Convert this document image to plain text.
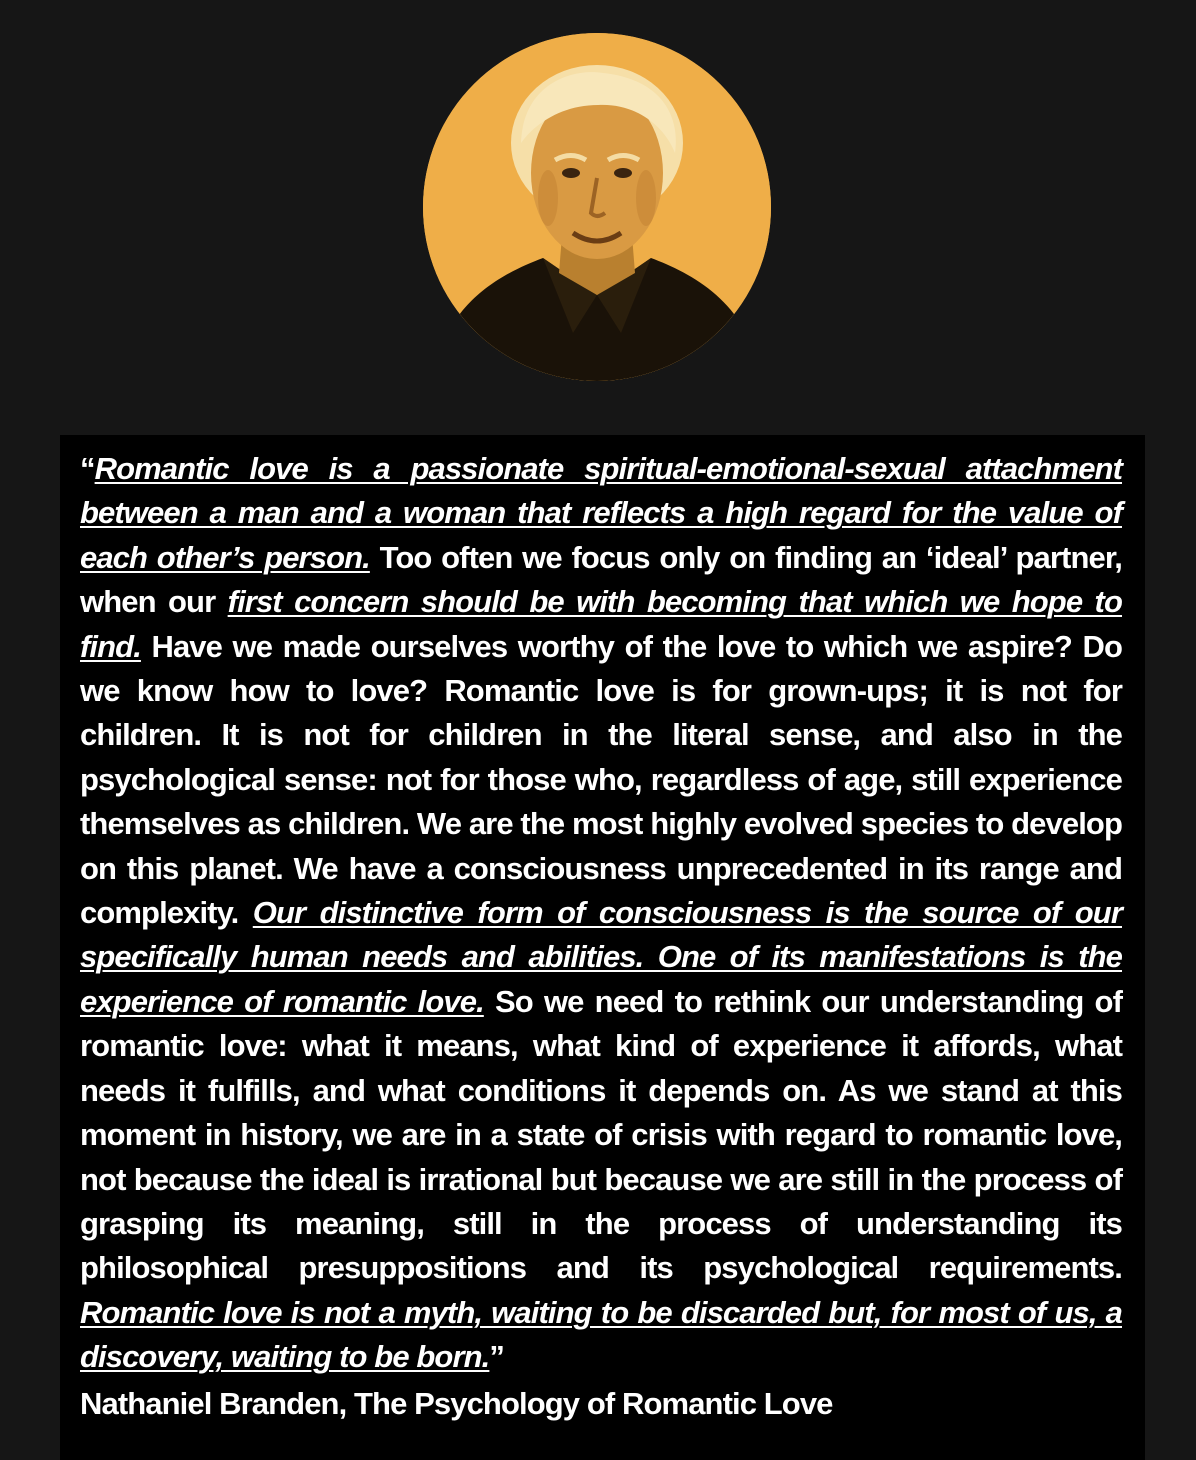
“Romantic love is a passionate spiritual-emotional-sexual attachment between a man and a woman that reflects a high regard for the value of each other’s person. Too often we focus only on finding an ‘ideal’ partner, when our first concern should be with becoming that which we hope to find. Have we made ourselves worthy of the love to which we aspire? Do we know how to love? Romantic love is for grown-ups; it is not for children. It is not for children in the literal sense, and also in the psychological sense: not for those who, regardless of age, still experience themselves as children. We are the most highly evolved species to develop on this planet. We have a consciousness unprecedented in its range and complexity. Our distinctive form of consciousness is the source of our specifically human needs and abilities. One of its manifestations is the experience of romantic love. So we need to rethink our understanding of romantic love: what it means, what kind of experience it affords, what needs it fulfills, and what conditions it depends on. As we stand at this moment in history, we are in a state of crisis with regard to romantic love, not because the ideal is irrational but because we are still in the process of grasping its meaning, still in the process of understanding its philosophical presuppositions and its psychological requirements. Romantic love is not a myth, waiting to be discarded but, for most of us, a discovery, waiting to be born.”

Nathaniel Branden, The Psychology of Romantic Love
